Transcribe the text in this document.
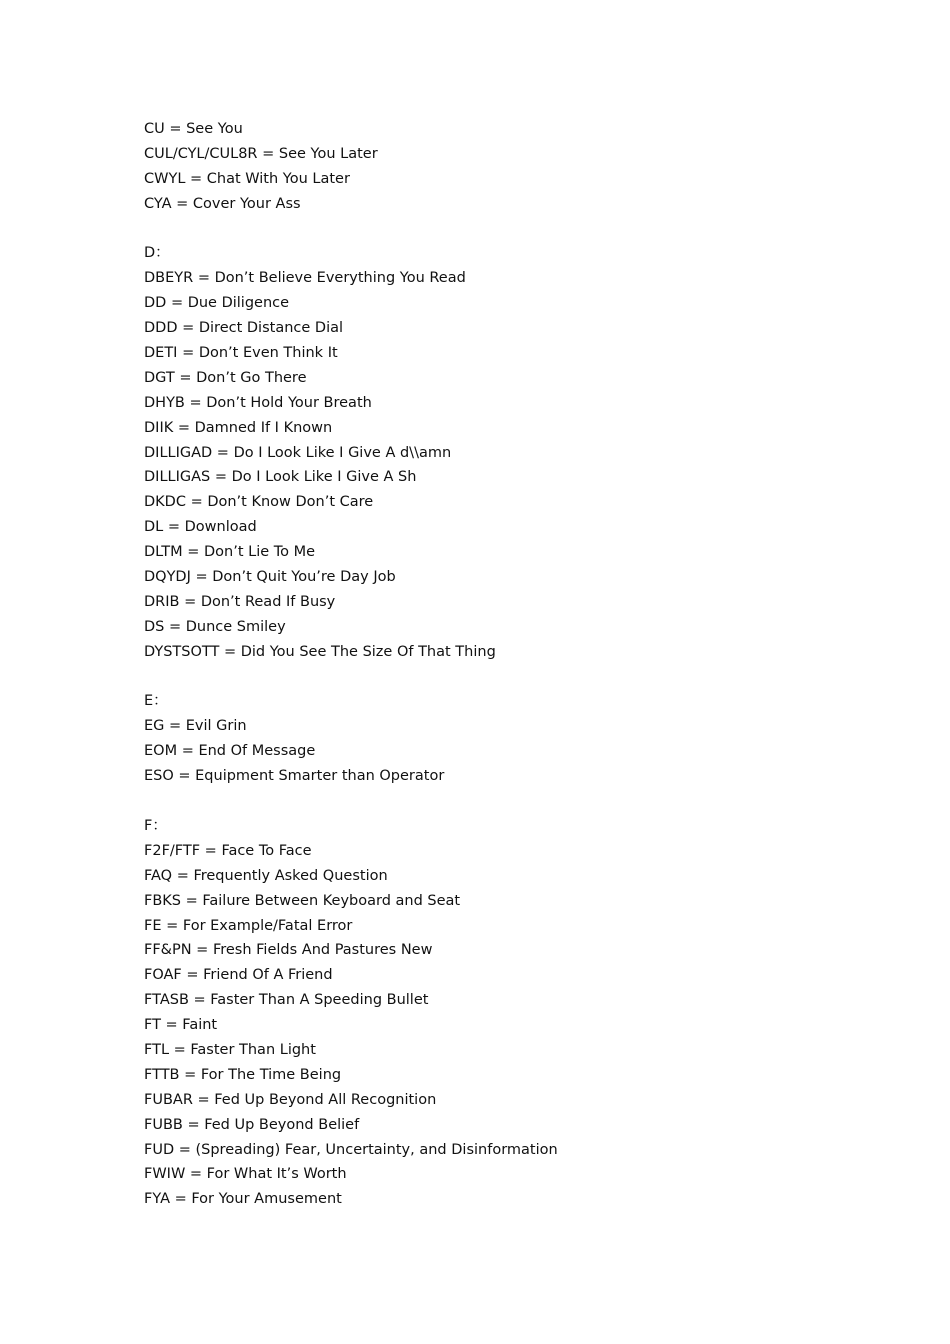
CU = See You
CUL/CYL/CUL8R = See You Later
CWYL = Chat With You Later
CYA = Cover Your Ass
D：
DBEYR = Don’t Believe Everything You Read
DD = Due Diligence
DDD = Direct Distance Dial
DETI = Don’t Even Think It
DGT = Don’t Go There
DHYB = Don’t Hold Your Breath
DIIK = Damned If I Known
DILLIGAD = Do I Look Like I Give A d\\amn
DILLIGAS = Do I Look Like I Give A Sh
DKDC = Don’t Know Don’t Care
DL = Download
DLTM = Don’t Lie To Me
DQYDJ = Don’t Quit You’re Day Job
DRIB = Don’t Read If Busy
DS = Dunce Smiley
DYSTSOTT = Did You See The Size Of That Thing
E：
EG = Evil Grin
EOM = End Of Message
ESO = Equipment Smarter than Operator
F：
F2F/FTF = Face To Face
FAQ = Frequently Asked Question
FBKS = Failure Between Keyboard and Seat
FE = For Example/Fatal Error
FF&PN = Fresh Fields And Pastures New
FOAF = Friend Of A Friend
FTASB = Faster Than A Speeding Bullet
FT = Faint
FTL = Faster Than Light
FTTB = For The Time Being
FUBAR = Fed Up Beyond All Recognition
FUBB = Fed Up Beyond Belief
FUD = (Spreading) Fear, Uncertainty, and Disinformation
FWIW = For What It’s Worth
FYA = For Your Amusement
